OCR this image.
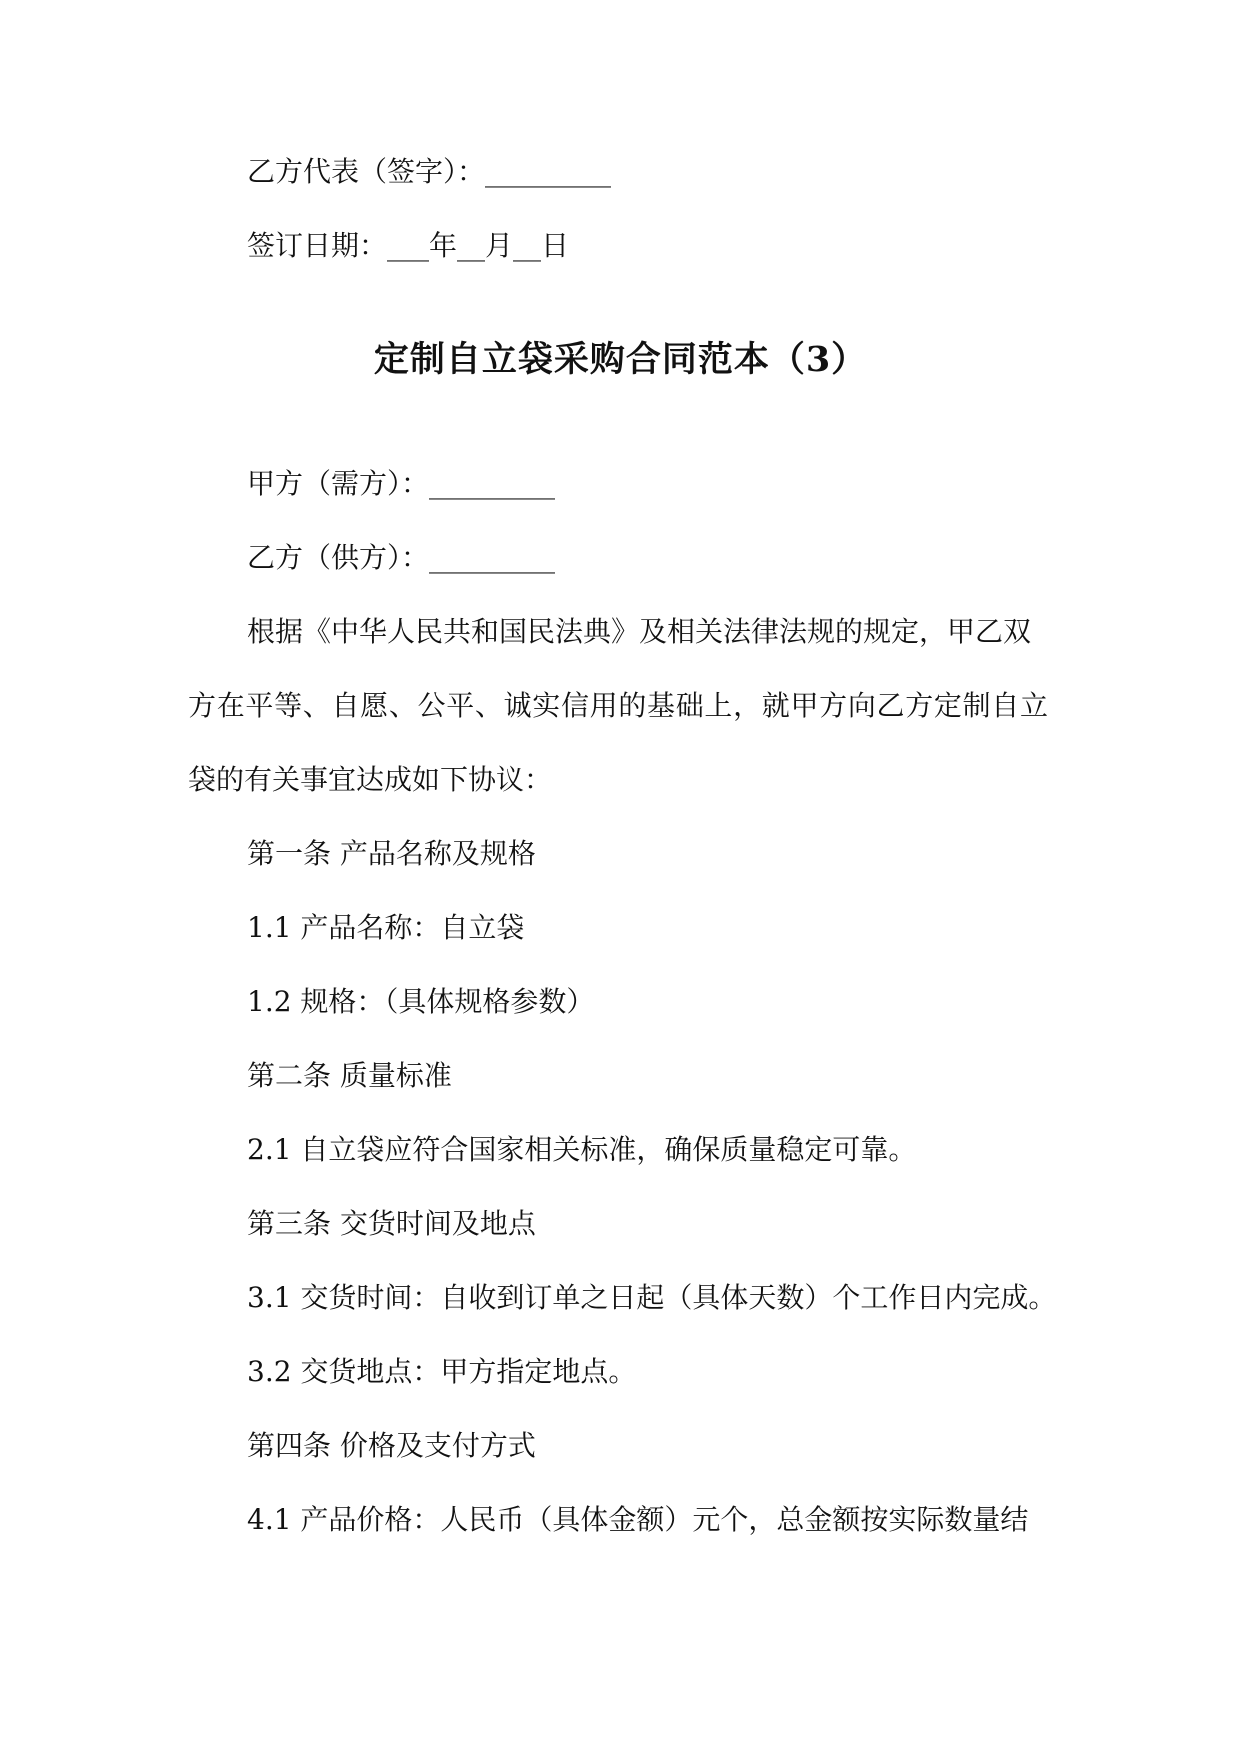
乙方代表（签字）：_________
签订日期：___年__月__日
定制自立袋采购合同范本（3）
甲方（需方）：_________
乙方（供方）：_________
根据《中华人民共和国民法典》及相关法律法规的规定，甲乙双
方在平等、自愿、公平、诚实信用的基础上，就甲方向乙方定制自立
袋的有关事宜达成如下协议：
第一条 产品名称及规格
1.1 产品名称：自立袋
1.2 规格：（具体规格参数）
第二条 质量标准
2.1 自立袋应符合国家相关标准，确保质量稳定可靠。
第三条 交货时间及地点
3.1 交货时间：自收到订单之日起（具体天数）个工作日内完成。
3.2 交货地点：甲方指定地点。
第四条 价格及支付方式
4.1 产品价格：人民币（具体金额）元个，总金额按实际数量结
